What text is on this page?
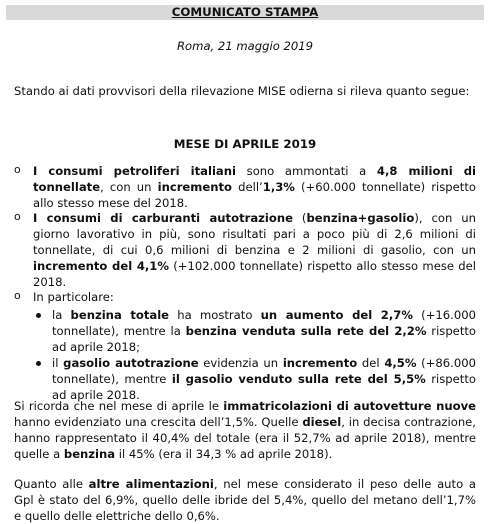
COMUNICATO STAMPA
Roma, 21 maggio 2019
Stando ai dati provvisori della rilevazione MISE odierna si rileva quanto segue:
MESE DI APRILE 2019
o I consumi petroliferi italiani sono ammontati a 4,8 milioni di tonnellate, con un incremento dell’1,3% (+60.000 tonnellate) rispetto allo stesso mese del 2018.
o I consumi di carburanti autotrazione (benzina+gasolio), con un giorno lavorativo in più, sono risultati pari a poco più di 2,6 milioni di tonnellate, di cui 0,6 milioni di benzina e 2 milioni di gasolio, con un incremento del 4,1% (+102.000 tonnellate) rispetto allo stesso mese del 2018.
o In particolare:
la benzina totale ha mostrato un aumento del 2,7% (+16.000 tonnellate), mentre la benzina venduta sulla rete del 2,2% rispetto ad aprile 2018;
il gasolio autotrazione evidenzia un incremento del 4,5% (+86.000 tonnellate), mentre il gasolio venduto sulla rete del 5,5% rispetto ad aprile 2018.
Si ricorda che nel mese di aprile le immatricolazioni di autovetture nuove hanno evidenziato una crescita dell’1,5%. Quelle diesel, in decisa contrazione, hanno rappresentato il 40,4% del totale (era il 52,7% ad aprile 2018), mentre quelle a benzina il 45% (era il 34,3 % ad aprile 2018).
Quanto alle altre alimentazioni, nel mese considerato il peso delle auto a Gpl è stato del 6,9%, quello delle ibride del 5,4%, quello del metano dell’1,7% e quello delle elettriche dello 0,6%.
